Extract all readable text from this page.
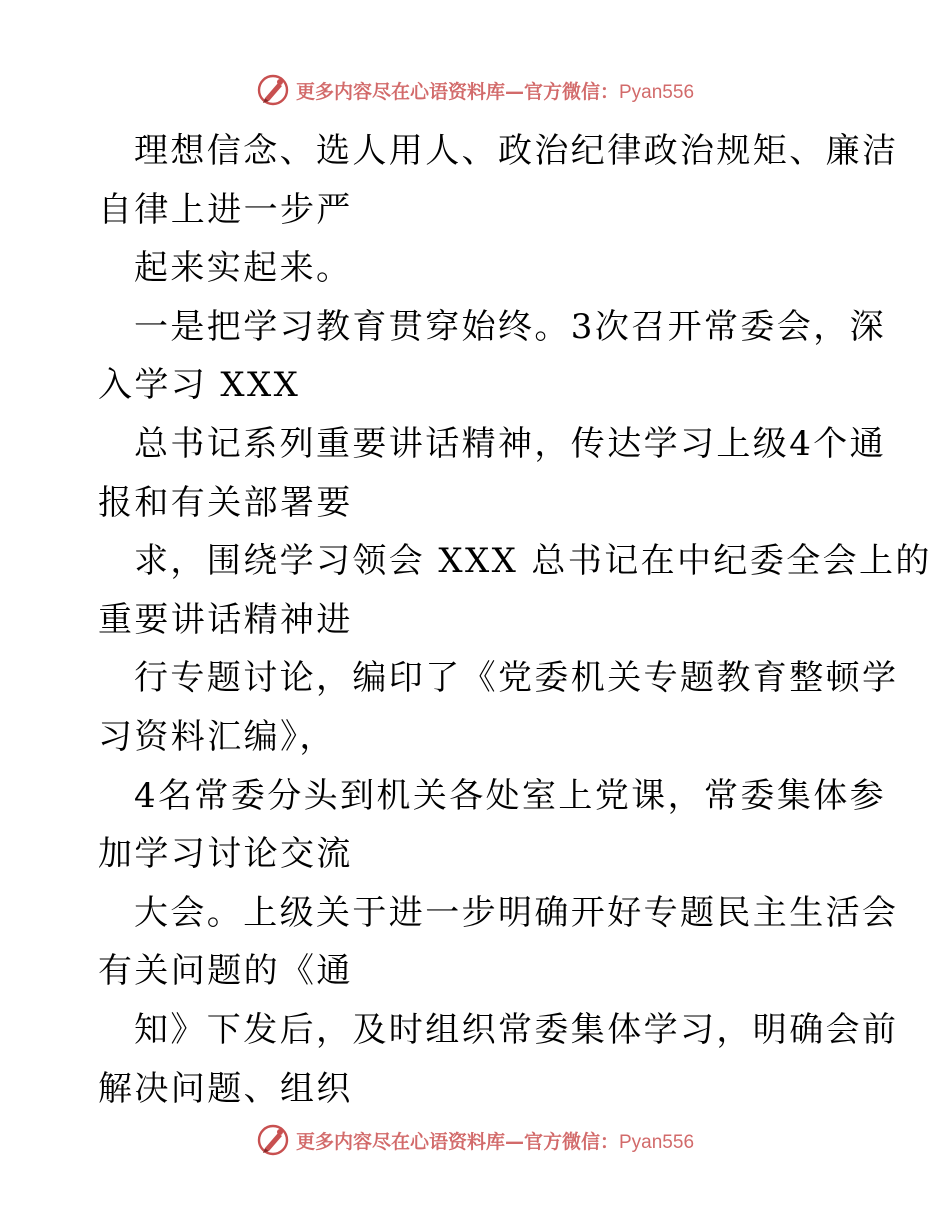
更多内容尽在心语资料库—官方微信：Pyan556

理想信念、选人用人、政治纪律政治规矩、廉洁

自律上进一步严

起来实起来。

一是把学习教育贯穿始终。3次召开常委会，深

入学习 XXX

总书记系列重要讲话精神，传达学习上级4个通

报和有关部署要

求，围绕学习领会 XXX 总书记在中纪委全会上的

重要讲话精神进

行专题讨论，编印了《党委机关专题教育整顿学

习资料汇编》，

4名常委分头到机关各处室上党课，常委集体参

加学习讨论交流

大会。上级关于进一步明确开好专题民主生活会

有关问题的《通

知》下发后，及时组织常委集体学习，明确会前

解决问题、组织

更多内容尽在心语资料库—官方微信：Pyan556
